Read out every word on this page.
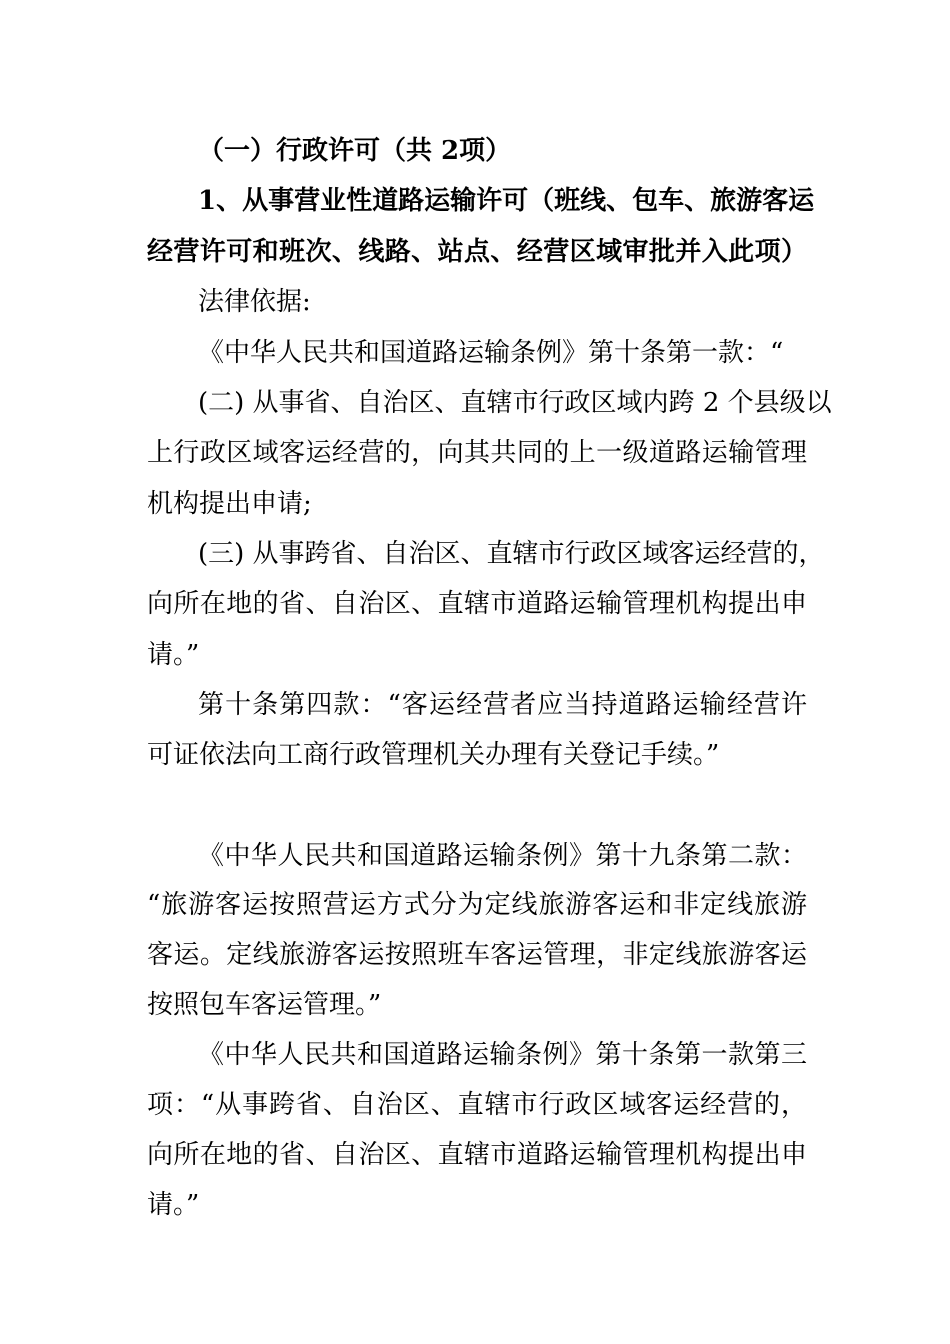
（一）行政许可（共 2项）
1、从事营业性道路运输许可（班线、包车、旅游客运
经营许可和班次、线路、站点、经营区域审批并入此项）
法律依据:
《中华人民共和国道路运输条例》第十条第一款：“
(二) 从事省、自治区、直辖市行政区域内跨 2 个县级以
上行政区域客运经营的，向其共同的上一级道路运输管理
机构提出申请;
(三) 从事跨省、自治区、直辖市行政区域客运经营的，
向所在地的省、自治区、直辖市道路运输管理机构提出申
请。”
第十条第四款：“客运经营者应当持道路运输经营许
可证依法向工商行政管理机关办理有关登记手续。”
《中华人民共和国道路运输条例》第十九条第二款：
“旅游客运按照营运方式分为定线旅游客运和非定线旅游
客运。定线旅游客运按照班车客运管理，非定线旅游客运
按照包车客运管理。”
《中华人民共和国道路运输条例》第十条第一款第三
项：“从事跨省、自治区、直辖市行政区域客运经营的，
向所在地的省、自治区、直辖市道路运输管理机构提出申
请。”
